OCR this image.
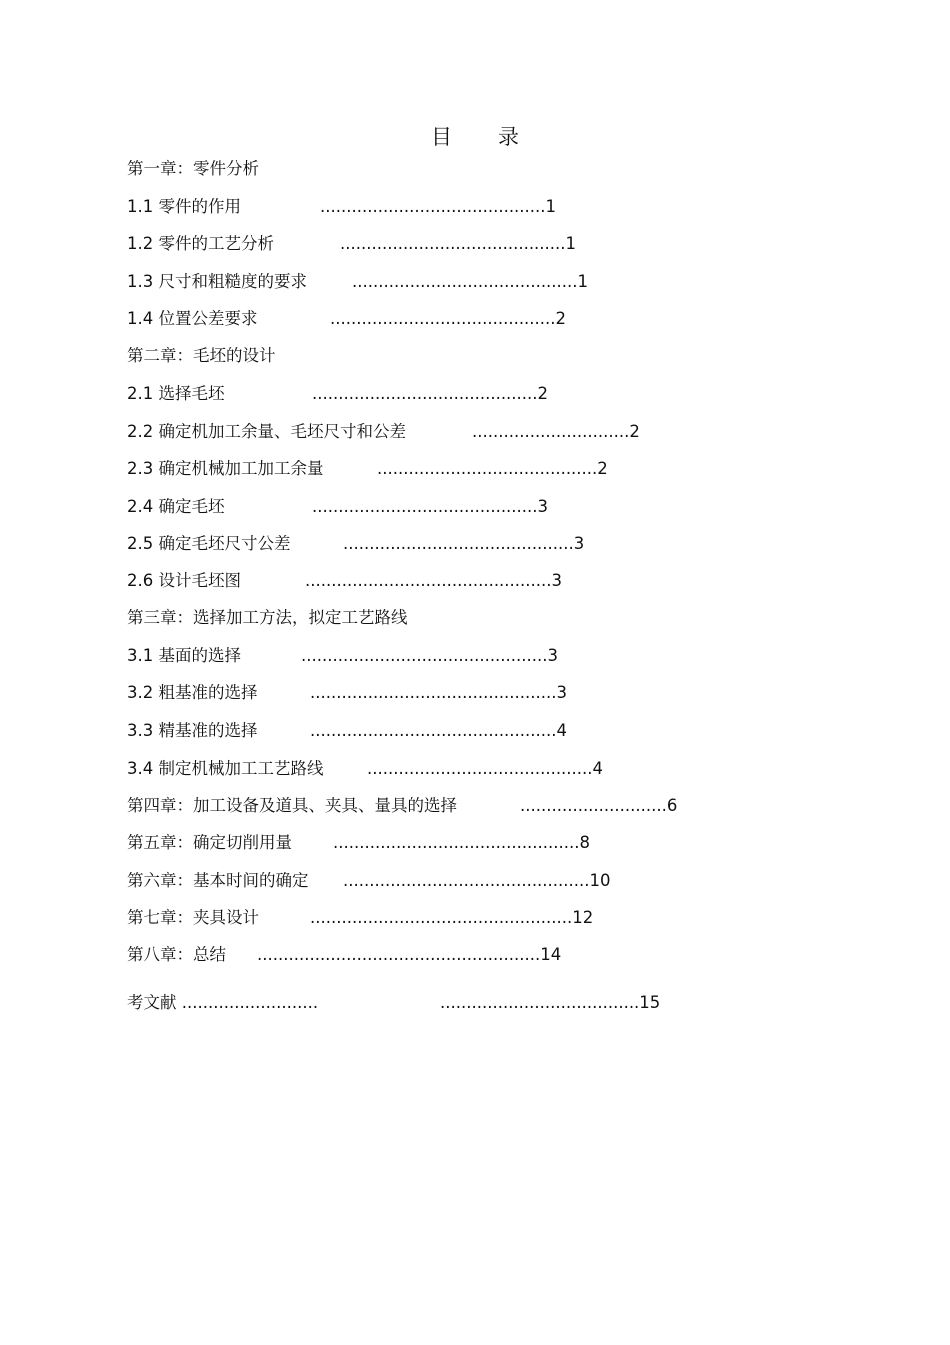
目 录
第一章：零件分析
1.1 零件的作用	...........................................1
1.2 零件的工艺分析	...........................................1
1.3 尺寸和粗糙度的要求	...........................................1
1.4 位置公差要求	...........................................2
第二章：毛坯的设计
2.1 选择毛坯	...........................................2
2.2 确定机加工余量、毛坯尺寸和公差	..............................2
2.3 确定机械加工加工余量	..........................................2
2.4 确定毛坯	...........................................3
2.5 确定毛坯尺寸公差	............................................3
2.6 设计毛坯图	...............................................3
第三章：选择加工方法，拟定工艺路线
3.1 基面的选择	...............................................3
3.2 粗基准的选择	...............................................3
3.3 精基准的选择	...............................................4
3.4 制定机械加工工艺路线	...........................................4
第四章：加工设备及道具、夹具、量具的选择	............................6
第五章：确定切削用量 ...............................................8
第六章：基本时间的确定 ...............................................10
第七章：夹具设计	..................................................12
第八章：总结 ......................................................14
考文献 ..........................	......................................15
